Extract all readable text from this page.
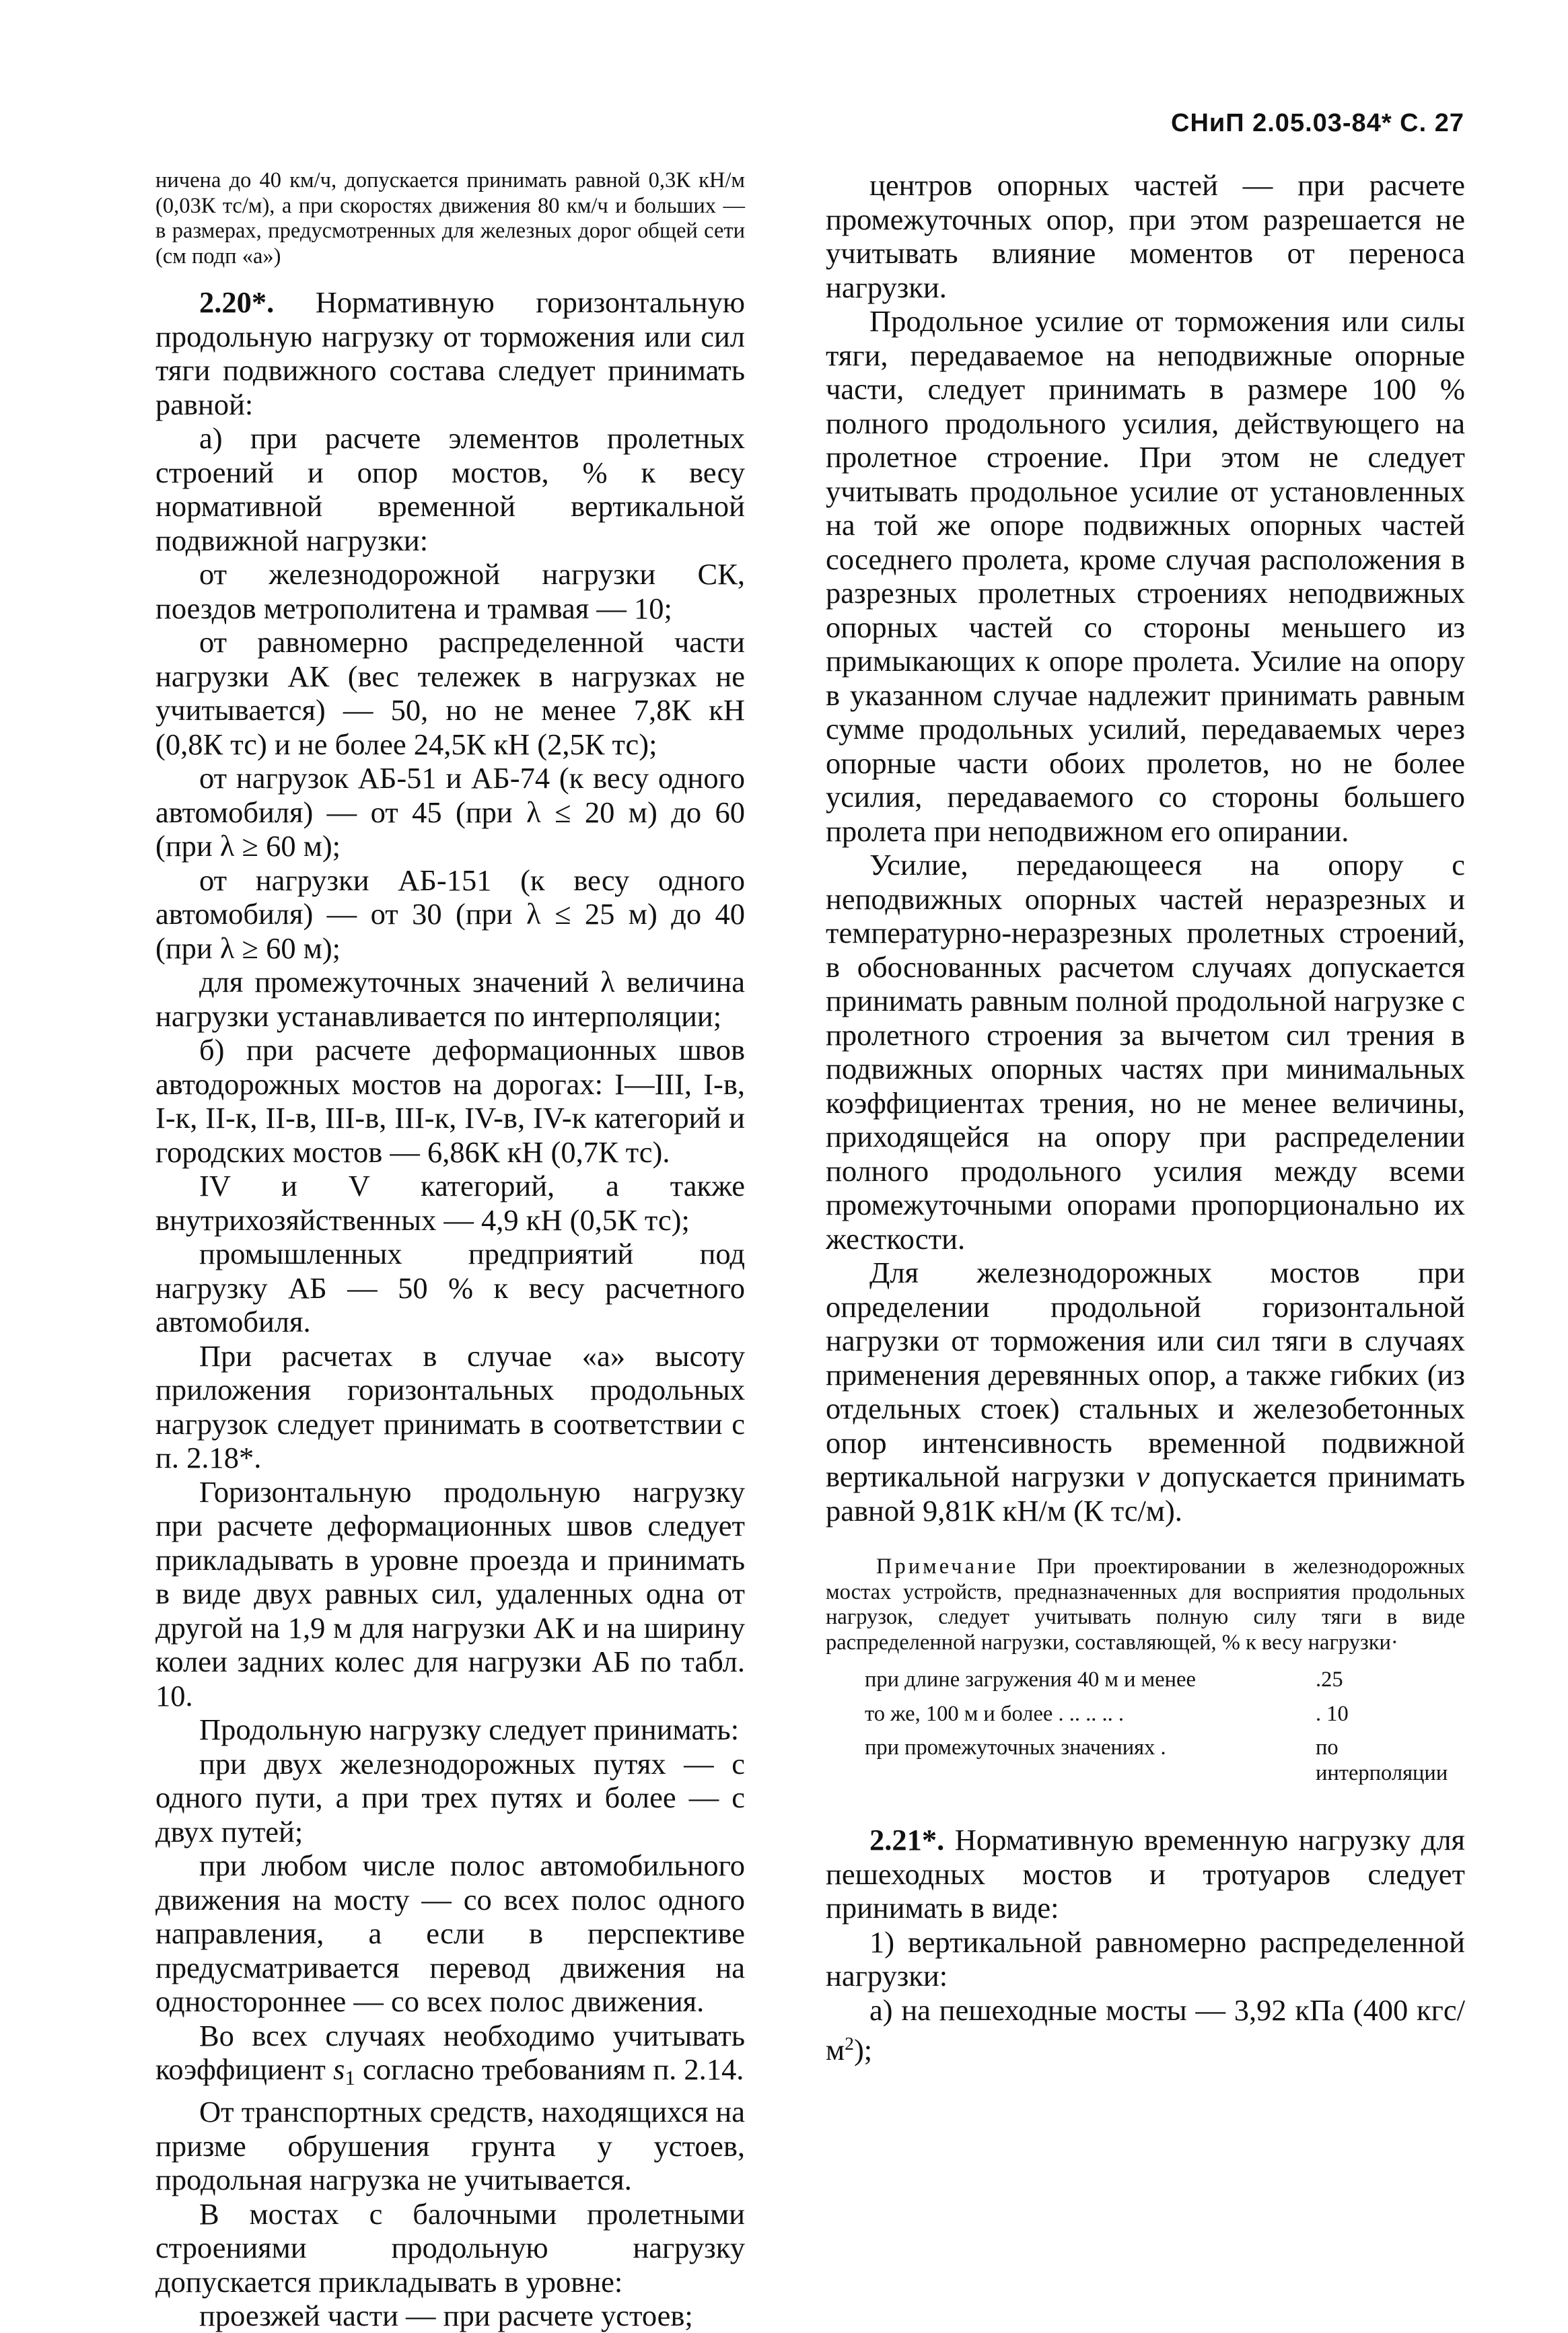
СНиП 2.05.03-84* С. 27

ничена до 40 км/ч, допускается принимать равной 0,3К кН/м (0,03К тс/м), а при скоростях движения 80 км/ч и больших — в размерах, предусмотренных для железных дорог общей сети (см подп «а»)

2.20*. Нормативную горизонтальную продольную нагрузку от торможения или сил тяги подвижного состава следует принимать равной:

а) при расчете элементов пролетных строений и опор мостов, % к весу нормативной временной вертикальной подвижной нагрузки:

от железнодорожной нагрузки СК, поездов метрополитена и трамвая — 10;

от равномерно распределенной части нагрузки АК (вес тележек в нагрузках не учитывается) — 50, но не менее 7,8К кН (0,8К тс) и не более 24,5К кН (2,5К тс);

от нагрузок АБ-51 и АБ-74 (к весу одного автомобиля) — от 45 (при λ ≤ 20 м) до 60 (при λ ≥ 60 м);

от нагрузки АБ-151 (к весу одного автомобиля) — от 30 (при λ ≤ 25 м) до 40 (при λ ≥ 60 м);

для промежуточных значений λ величина нагрузки устанавливается по интерполяции;

б) при расчете деформационных швов автодорожных мостов на дорогах: I—III, I-в, I-к, II-к, II-в, III-в, III-к, IV-в, IV-к категорий и городских мостов — 6,86К кН (0,7К тс).

IV и V категорий, а также внутрихозяйственных — 4,9 кН (0,5К тс);

промышленных предприятий под нагрузку АБ — 50 % к весу расчетного автомобиля.

При расчетах в случае «а» высоту приложения горизонтальных продольных нагрузок следует принимать в соответствии с п. 2.18*.

Горизонтальную продольную нагрузку при расчете деформационных швов следует прикладывать в уровне проезда и принимать в виде двух равных сил, удаленных одна от другой на 1,9 м для нагрузки АК и на ширину колеи задних колес для нагрузки АБ по табл. 10.

Продольную нагрузку следует принимать:

при двух железнодорожных путях — с одного пути, а при трех путях и более — с двух путей;

при любом числе полос автомобильного движения на мосту — со всех полос одного направления, а если в перспективе предусматривается перевод движения на одностороннее — со всех полос движения.

Во всех случаях необходимо учитывать коэффициент s1 согласно требованиям п. 2.14.

От транспортных средств, находящихся на призме обрушения грунта у устоев, продольная нагрузка не учитывается.

В мостах с балочными пролетными строениями продольную нагрузку допускается прикладывать в уровне:

проезжей части — при расчете устоев;

центров опорных частей — при расчете промежуточных опор, при этом разрешается не учитывать влияние моментов от переноса нагрузки.

Продольное усилие от торможения или силы тяги, передаваемое на неподвижные опорные части, следует принимать в размере 100 % полного продольного усилия, действующего на пролетное строение. При этом не следует учитывать продольное усилие от установленных на той же опоре подвижных опорных частей соседнего пролета, кроме случая расположения в разрезных пролетных строениях неподвижных опорных частей со стороны меньшего из примыкающих к опоре пролета. Усилие на опору в указанном случае надлежит принимать равным сумме продольных усилий, передаваемых через опорные части обоих пролетов, но не более усилия, передаваемого со стороны большего пролета при неподвижном его опирании.

Усилие, передающееся на опору с неподвижных опорных частей неразрезных и температурно-неразрезных пролетных строений, в обоснованных расчетом случаях допускается принимать равным полной продольной нагрузке с пролетного строения за вычетом сил трения в подвижных опорных частях при минимальных коэффициентах трения, но не менее величины, приходящейся на опору при распределении полного продольного усилия между всеми промежуточными опорами пропорционально их жесткости.

Для железнодорожных мостов при определении продольной горизонтальной нагрузки от торможения или сил тяги в случаях применения деревянных опор, а также гибких (из отдельных стоек) стальных и железобетонных опор интенсивность временной подвижной вертикальной нагрузки v допускается принимать равной 9,81К кН/м (К тс/м).

Примечание При проектировании в железнодорожных мостах устройств, предназначенных для восприятия продольных нагрузок, следует учитывать полную силу тяги в виде распределенной нагрузки, составляющей, % к весу нагрузки·

при длине загружения 40 м и менее	.25
то же, 100 м и более . .. .. .. .	. 10
при промежуточных значениях .	по интерполяции

2.21*. Нормативную временную нагрузку для пешеходных мостов и тротуаров следует принимать в виде:

1) вертикальной равномерно распределенной нагрузки:

а) на пешеходные мосты — 3,92 кПа (400 кгс/$м^2$);
